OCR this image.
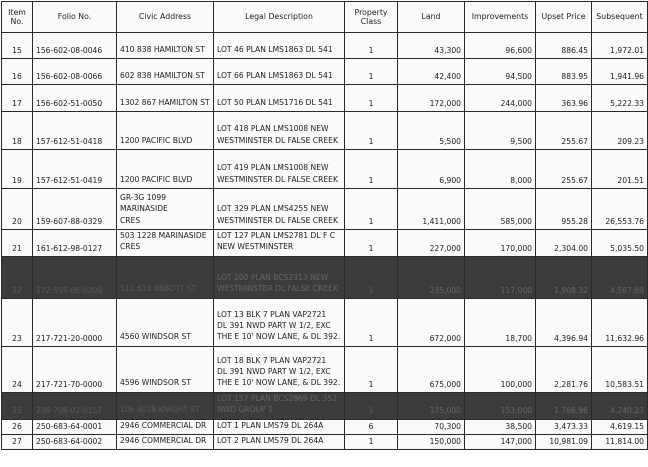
Item
No.	Folio No.	Civic Address	Legal Description	Property
Class	Land	Improvements	Upset Price	Subsequent
15	156-602-08-0046	410 838 HAMILTON ST	LOT 46 PLAN LMS1863 DL 541	1	43,300	96,600	886.45	1,972.01
16	156-602-08-0066	602 838 HAMILTON ST	LOT 66 PLAN LMS1863 DL 541	1	42,400	94,500	883.95	1,941.96
17	156-602-51-0050	1302 867 HAMILTON ST	LOT 50 PLAN LMS1716 DL 541	1	172,000	244,000	363.96	5,222.33
18	157-612-51-0418	1200 PACIFIC BLVD	LOT 418 PLAN LMS1008 NEW
WESTMINSTER DL FALSE CREEK	1	5,500	9,500	255.67	209.23
19	157-612-51-0419	1200 PACIFIC BLVD	LOT 419 PLAN LMS1008 NEW
WESTMINSTER DL FALSE CREEK	1	6,900	8,000	255.67	201.51
20	159-607-88-0329	GR-3G 1099 MARINASIDE
CRES	LOT 329 PLAN LMS4255 NEW
WESTMINSTER DL FALSE CREEK	1	1,411,000	585,000	955.28	26,553.76
21	161-612-98-0127	503 1228 MARINASIDE
CRES	LOT 127 PLAN LMS2781 DL F C
NEW WESTMINSTER	1	227,000	170,000	2,304.00	5,035.50
22	172-595-06-0200	512 618 ABBOTT ST	LOT 200 PLAN BCS2313 NEW
WESTMINSTER DL FALSE CREEK	1	235,000	117,000	1,908.32	4,587.69
23	217-721-20-0000	4560 WINDSOR ST	LOT 13 BLK 7 PLAN VAP2721
DL 391 NWD PART W 1/2, EXC
THE E 10' NOW LANE, & DL 392.	1	672,000	18,700	4,396.94	11,632.96
24	217-721-70-0000	4596 WINDSOR ST	LOT 18 BLK 7 PLAN VAP2721
DL 391 NWD PART W 1/2, EXC
THE E 10' NOW LANE, & DL 392.	1	675,000	100,000	2,281.76	10,583.51
25	238-706-02-0157	106 4028 KNIGHT ST	LOT 157 PLAN BCS2869 DL 352
NWD GROUP 1.	1	175,000	153,000	1,786.96	4,240.23
26	250-683-64-0001	2946 COMMERCIAL DR	LOT 1 PLAN LMS79 DL 264A	6	70,300	38,500	3,473.33	4,619.15
27	250-683-64-0002	2946 COMMERCIAL DR	LOT 2 PLAN LMS79 DL 264A	1	150,000	147,000	10,981.09	11,814.00
